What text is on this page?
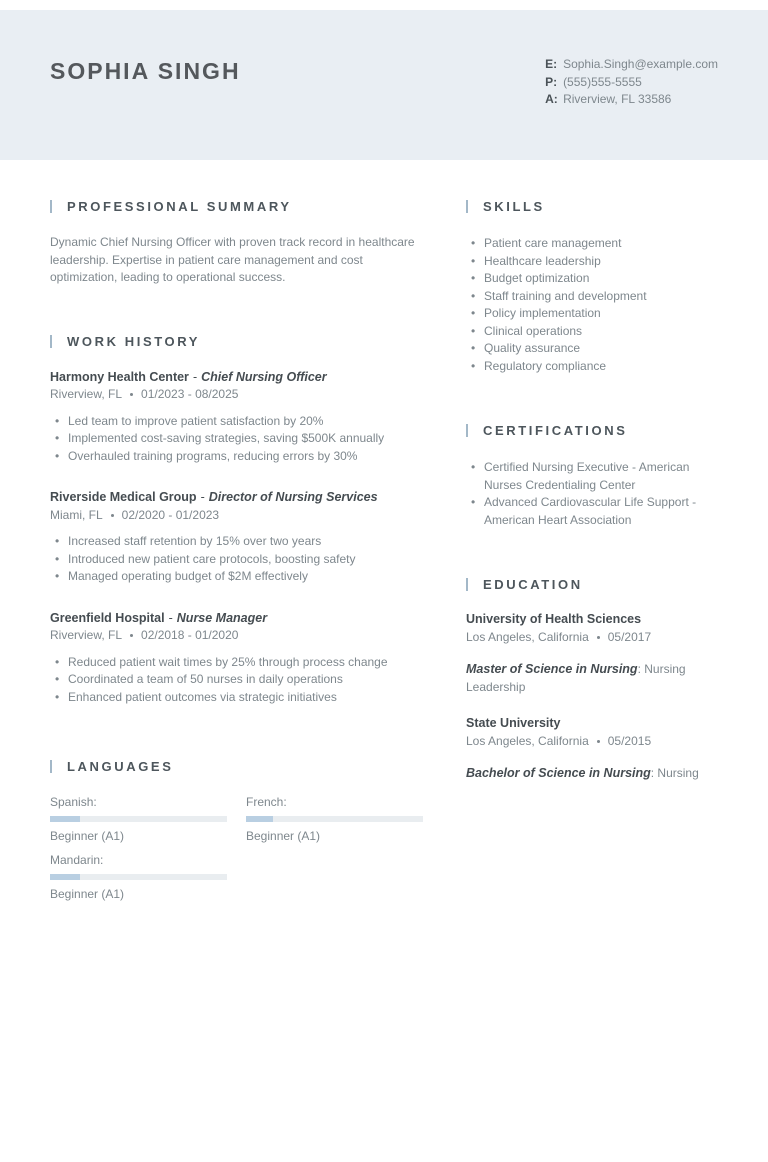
SOPHIA SINGH	E: Sophia.Singh@example.com
P: (555)555-5555
A: Riverview, FL 33586
PROFESSIONAL SUMMARY

Dynamic Chief Nursing Officer with proven track record in healthcare leadership. Expertise in patient care management and cost optimization, leading to operational success.

WORK HISTORY
Harmony Health Center - Chief Nursing Officer
Riverview, FL 01/2023 - 08/2025
• Led team to improve patient satisfaction by 20%
• Implemented cost-saving strategies, saving $500K annually
• Overhauled training programs, reducing errors by 30%
Riverside Medical Group - Director of Nursing Services
Miami, FL 02/2020 - 01/2023
• Increased staff retention by 15% over two years
• Introduced new patient care protocols, boosting safety
• Managed operating budget of $2M effectively
Greenfield Hospital - Nurse Manager
Riverview, FL 02/2018 - 01/2020
• Reduced patient wait times by 25% through process change
• Coordinated a team of 50 nurses in daily operations
• Enhanced patient outcomes via strategic initiatives
LANGUAGES
Spanish:
Beginner (A1)
French:
Beginner (A1)
Mandarin:
Beginner (A1)
SKILLS
• Patient care management
• Healthcare leadership
• Budget optimization
• Staff training and development
• Policy implementation
• Clinical operations
• Quality assurance
• Regulatory compliance
CERTIFICATIONS
• Certified Nursing Executive - American Nurses Credentialing Center
• Advanced Cardiovascular Life Support - American Heart Association
EDUCATION
University of Health Sciences
Los Angeles, California 05/2017
Master of Science in Nursing: Nursing Leadership
State University
Los Angeles, California 05/2015
Bachelor of Science in Nursing: Nursing
